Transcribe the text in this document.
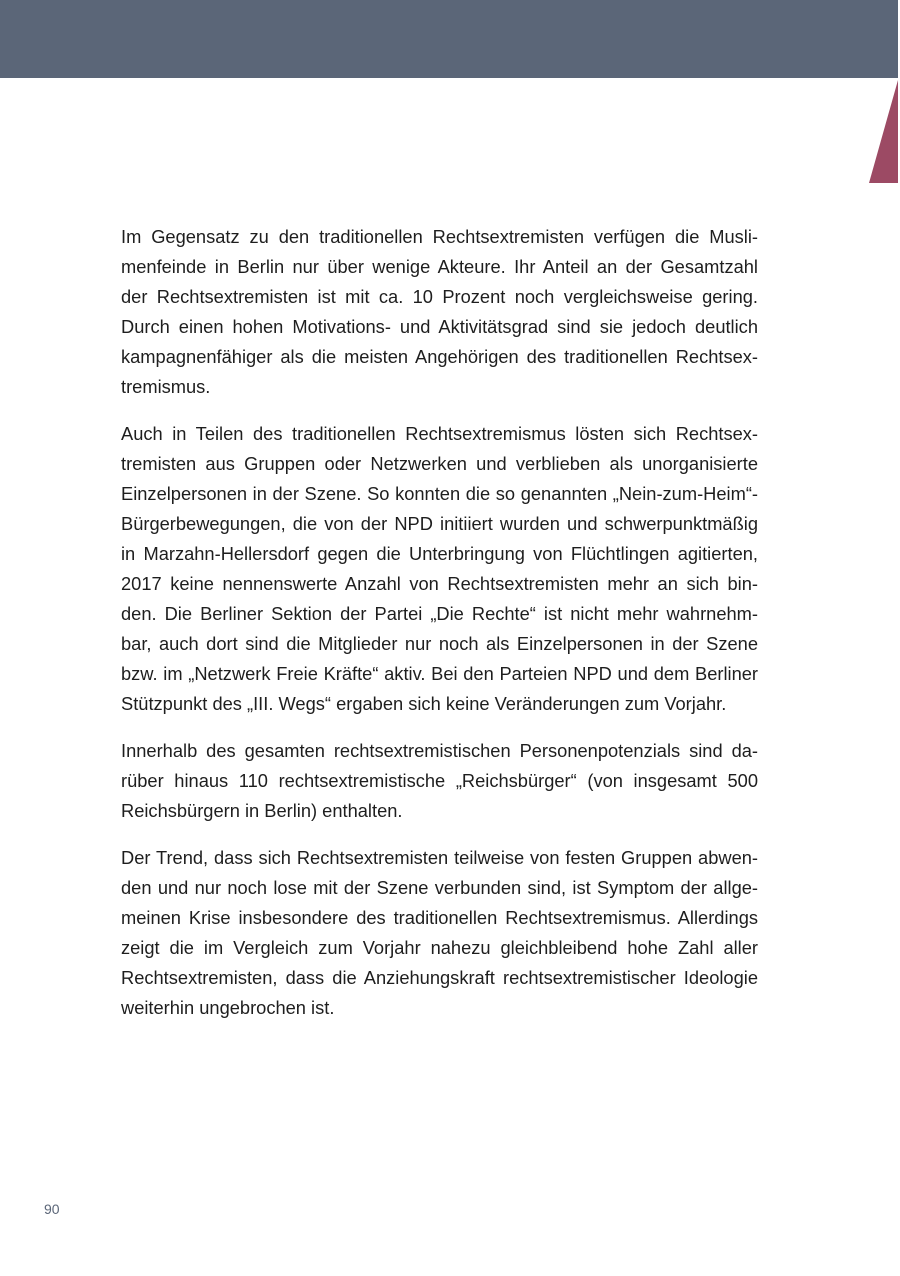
Im Gegensatz zu den traditionellen Rechtsextremisten verfügen die Musli-
menfeinde in Berlin nur über wenige Akteure. Ihr Anteil an der Gesamtzahl
der Rechtsextremisten ist mit ca. 10 Prozent noch vergleichsweise gering.
Durch einen hohen Motivations- und Aktivitätsgrad sind sie jedoch deutlich
kampagnenfähiger als die meisten Angehörigen des traditionellen Rechtsex-
tremismus.
Auch in Teilen des traditionellen Rechtsextremismus lösten sich Rechtsex-
tremisten aus Gruppen oder Netzwerken und verblieben als unorganisierte
Einzelpersonen in der Szene. So konnten die so genannten „Nein-zum-Heim“-
Bürgerbewegungen, die von der NPD initiiert wurden und schwerpunktmäßig
in Marzahn-Hellersdorf gegen die Unterbringung von Flüchtlingen agitierten,
2017 keine nennenswerte Anzahl von Rechtsextremisten mehr an sich bin-
den. Die Berliner Sektion der Partei „Die Rechte“ ist nicht mehr wahrnehm-
bar, auch dort sind die Mitglieder nur noch als Einzelpersonen in der Szene
bzw. im „Netzwerk Freie Kräfte“ aktiv. Bei den Parteien NPD und dem Berliner
Stützpunkt des „III. Wegs“ ergaben sich keine Veränderungen zum Vorjahr.
Innerhalb des gesamten rechtsextremistischen Personenpotenzials sind da-
rüber hinaus 110 rechtsextremistische „Reichsbürger“ (von insgesamt 500
Reichsbürgern in Berlin) enthalten.
Der Trend, dass sich Rechtsextremisten teilweise von festen Gruppen abwen-
den und nur noch lose mit der Szene verbunden sind, ist Symptom der allge-
meinen Krise insbesondere des traditionellen Rechtsextremismus. Allerdings
zeigt die im Vergleich zum Vorjahr nahezu gleichbleibend hohe Zahl aller
Rechtsextremisten, dass die Anziehungskraft rechtsextremistischer Ideologie
weiterhin ungebrochen ist.
90
